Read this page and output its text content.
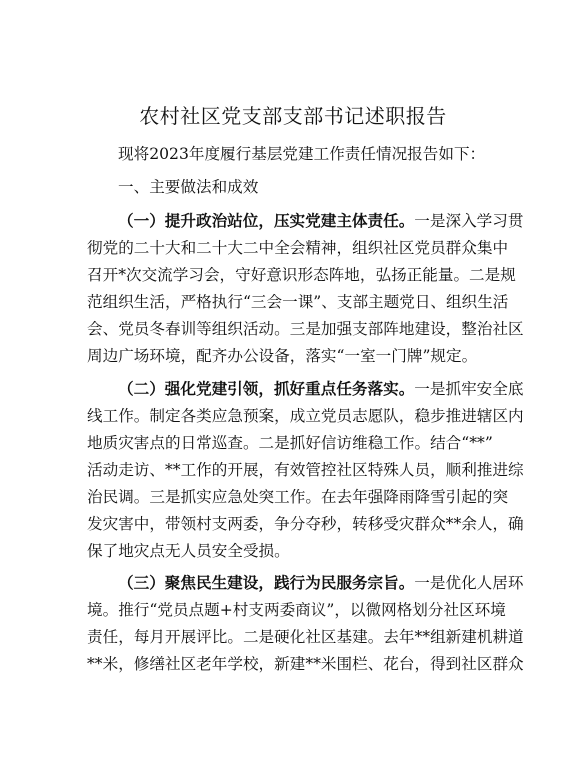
农村社区党支部支部书记述职报告

现将2023年度履行基层党建工作责任情况报告如下：

一、主要做法和成效

（一）提升政治站位，压实党建主体责任。一是深入学习贯

彻党的二十大和二十大二中全会精神，组织社区党员群众集中

召开*次交流学习会，守好意识形态阵地，弘扬正能量。二是规

范组织生活，严格执行“三会一课”、支部主题党日、组织生活

会、党员冬春训等组织活动。三是加强支部阵地建设，整治社区

周边广场环境，配齐办公设备，落实“一室一门牌”规定。

（二）强化党建引领，抓好重点任务落实。一是抓牢安全底

线工作。制定各类应急预案，成立党员志愿队，稳步推进辖区内

地质灾害点的日常巡查。二是抓好信访维稳工作。结合“**”

活动走访、**工作的开展，有效管控社区特殊人员，顺利推进综

治民调。三是抓实应急处突工作。在去年强降雨降雪引起的突

发灾害中，带领村支两委，争分夺秒，转移受灾群众**余人，确

保了地灾点无人员安全受损。

（三）聚焦民生建设，践行为民服务宗旨。一是优化人居环

境。推行“党员点题+村支两委商议”，以微网格划分社区环境

责任，每月开展评比。二是硬化社区基建。去年**组新建机耕道

**米，修缮社区老年学校，新建**米围栏、花台，得到社区群众
